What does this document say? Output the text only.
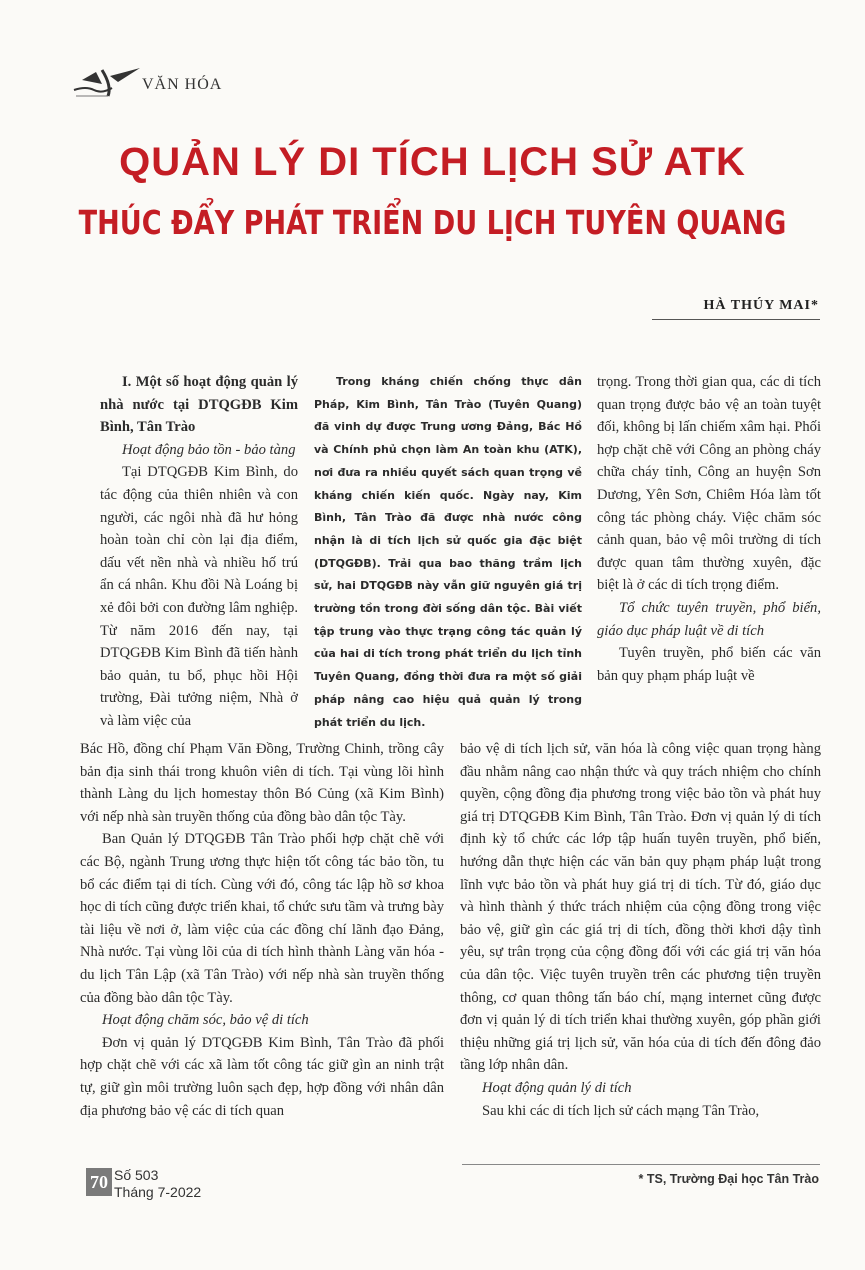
VĂN HÓA
QUẢN LÝ DI TÍCH LỊCH SỬ ATK
THÚC ĐẨY PHÁT TRIỂN DU LỊCH TUYÊN QUANG
HÀ THÚY MAI*

I. Một số hoạt động quản lý nhà nước tại DTQGĐB Kim Bình, Tân Trào

Hoạt động bảo tồn - bảo tàng

Tại DTQGĐB Kim Bình, do tác động của thiên nhiên và con người, các ngôi nhà đã hư hỏng hoàn toàn chỉ còn lại địa điểm, dấu vết nền nhà và nhiều hố trú ẩn cá nhân. Khu đồi Nà Loáng bị xẻ đôi bởi con đường lâm nghiệp. Từ năm 2016 đến nay, tại DTQGĐB Kim Bình đã tiến hành bảo quản, tu bổ, phục hồi Hội trường, Đài tưởng niệm, Nhà ở và làm việc của

Trong kháng chiến chống thực dân Pháp, Kim Bình, Tân Trào (Tuyên Quang) đã vinh dự được Trung ương Đảng, Bác Hồ và Chính phủ chọn làm An toàn khu (ATK), nơi đưa ra nhiều quyết sách quan trọng về kháng chiến kiến quốc. Ngày nay, Kim Bình, Tân Trào đã được nhà nước công nhận là di tích lịch sử quốc gia đặc biệt (DTQGĐB). Trải qua bao thăng trầm lịch sử, hai DTQGĐB này vẫn giữ nguyên giá trị trường tồn trong đời sống dân tộc. Bài viết tập trung vào thực trạng công tác quản lý của hai di tích trong phát triển du lịch tỉnh Tuyên Quang, đồng thời đưa ra một số giải pháp nâng cao hiệu quả quản lý trong phát triển du lịch.

trọng. Trong thời gian qua, các di tích quan trọng được bảo vệ an toàn tuyệt đối, không bị lấn chiếm xâm hại. Phối hợp chặt chẽ với Công an phòng cháy chữa cháy tỉnh, Công an huyện Sơn Dương, Yên Sơn, Chiêm Hóa làm tốt công tác phòng cháy. Việc chăm sóc cảnh quan, bảo vệ môi trường di tích được quan tâm thường xuyên, đặc biệt là ở các di tích trọng điểm.

Tổ chức tuyên truyền, phổ biến, giáo dục pháp luật về di tích

Tuyên truyền, phổ biến các văn bản quy phạm pháp luật về

Bác Hồ, đồng chí Phạm Văn Đồng, Trường Chinh, trồng cây bản địa sinh thái trong khuôn viên di tích. Tại vùng lõi hình thành Làng du lịch homestay thôn Bó Củng (xã Kim Bình) với nếp nhà sàn truyền thống của đồng bào dân tộc Tày.

Ban Quản lý DTQGĐB Tân Trào phối hợp chặt chẽ với các Bộ, ngành Trung ương thực hiện tốt công tác bảo tồn, tu bổ các điểm tại di tích. Cùng với đó, công tác lập hồ sơ khoa học di tích cũng được triển khai, tổ chức sưu tầm và trưng bày tài liệu về nơi ở, làm việc của các đồng chí lãnh đạo Đảng, Nhà nước. Tại vùng lõi của di tích hình thành Làng văn hóa - du lịch Tân Lập (xã Tân Trào) với nếp nhà sàn truyền thống của đồng bào dân tộc Tày.

Hoạt động chăm sóc, bảo vệ di tích

Đơn vị quản lý DTQGĐB Kim Bình, Tân Trào đã phối hợp chặt chẽ với các xã làm tốt công tác giữ gìn an ninh trật tự, giữ gìn môi trường luôn sạch đẹp, hợp đồng với nhân dân địa phương bảo vệ các di tích quan

bảo vệ di tích lịch sử, văn hóa là công việc quan trọng hàng đầu nhằm nâng cao nhận thức và quy trách nhiệm cho chính quyền, cộng đồng địa phương trong việc bảo tồn và phát huy giá trị DTQGĐB Kim Bình, Tân Trào. Đơn vị quản lý di tích định kỳ tổ chức các lớp tập huấn tuyên truyền, phổ biến, hướng dẫn thực hiện các văn bản quy phạm pháp luật trong lĩnh vực bảo tồn và phát huy giá trị di tích. Từ đó, giáo dục và hình thành ý thức trách nhiệm của cộng đồng trong việc bảo vệ, giữ gìn các giá trị di tích, đồng thời khơi dậy tình yêu, sự trân trọng của cộng đồng đối với các giá trị văn hóa của dân tộc. Việc tuyên truyền trên các phương tiện truyền thông, cơ quan thông tấn báo chí, mạng internet cũng được đơn vị quản lý di tích triển khai thường xuyên, góp phần giới thiệu những giá trị lịch sử, văn hóa của di tích đến đông đảo tầng lớp nhân dân.

Hoạt động quản lý di tích

Sau khi các di tích lịch sử cách mạng Tân Trào,

70 Số 503
Tháng 7-2022
* TS, Trường Đại học Tân Trào
